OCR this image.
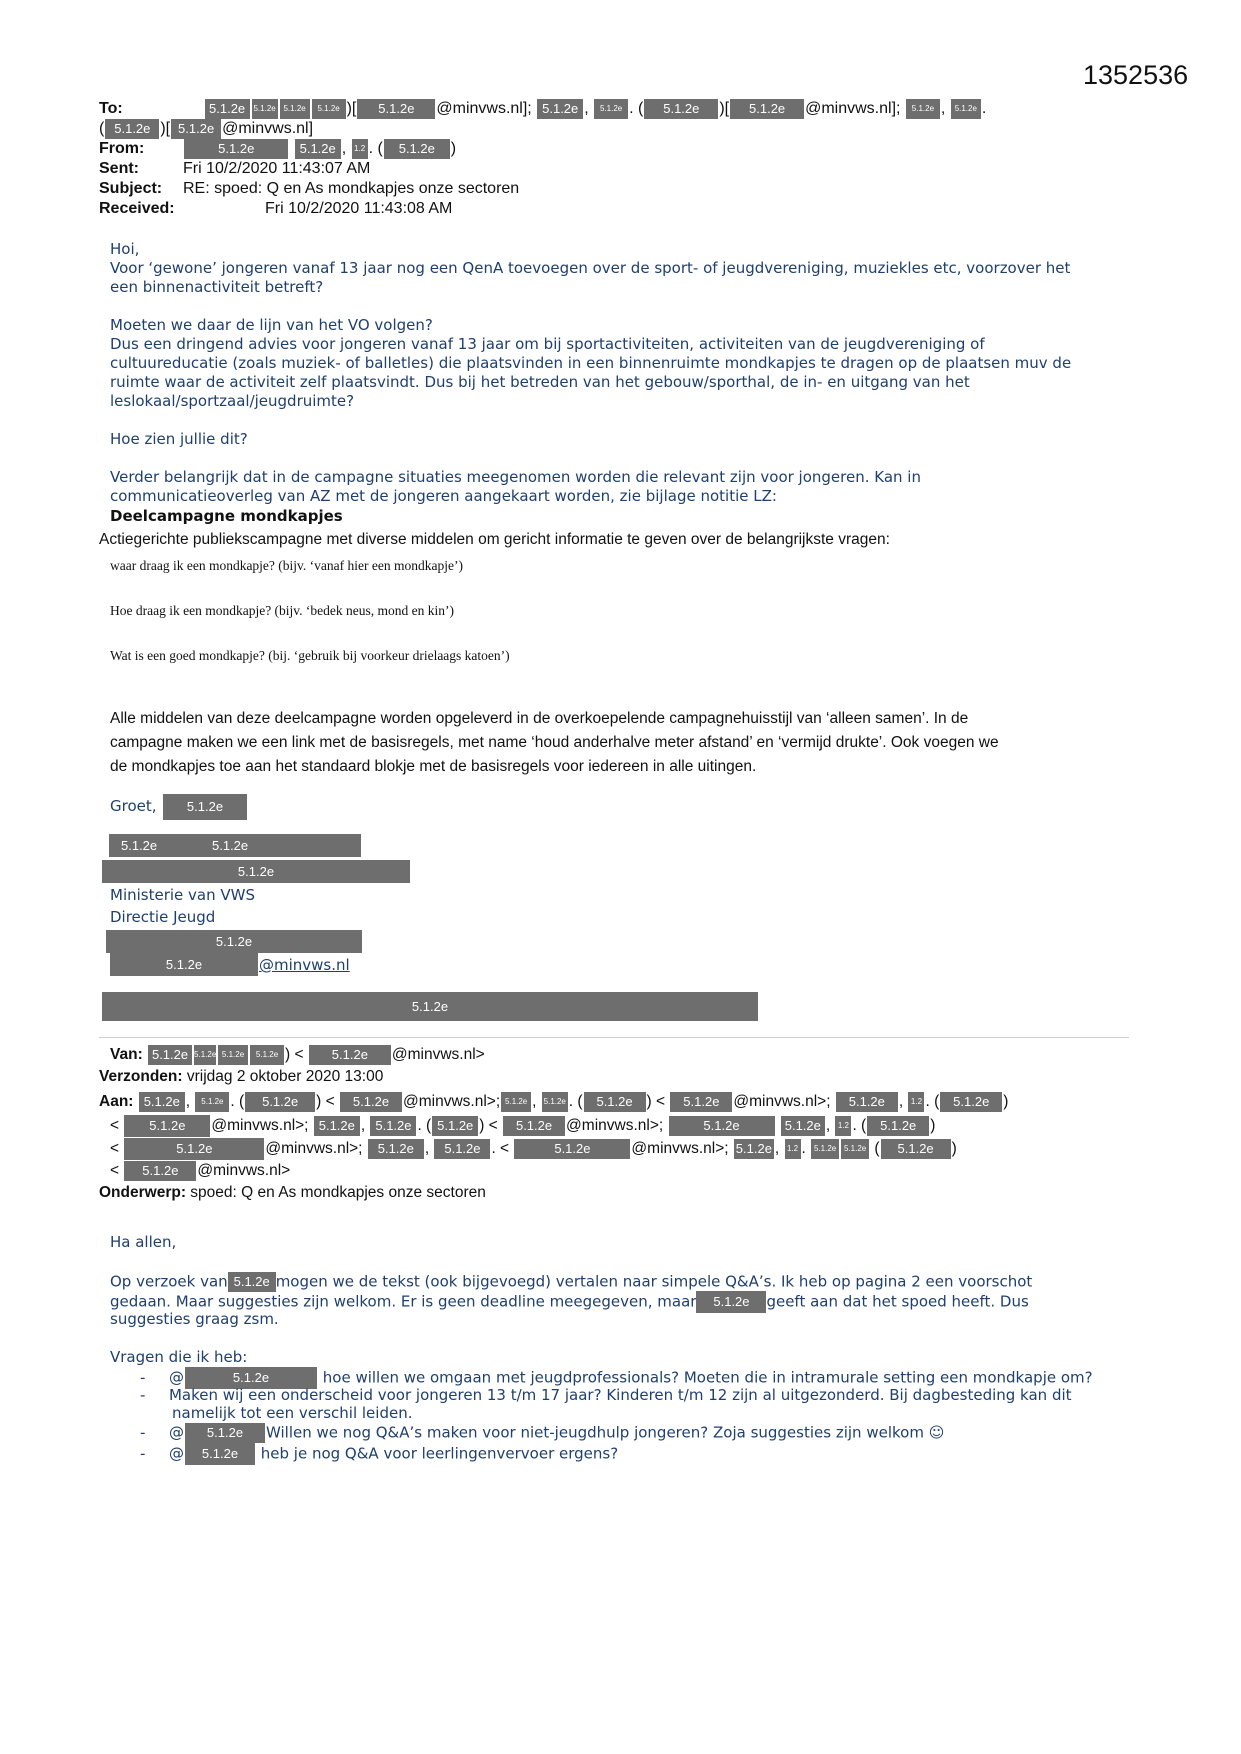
1352536
To:	5.1.2e 5.1.2e 5.1.2e 5.1.2e )[ 5.1.2e @minvws.nl]; 5.1.2e , 5.1.2e . ( 5.1.2e )[ 5.1.2e @minvws.nl]; 5.1.2e , 5.1.2e .
( 5.1.2e )[ 5.1.2e @minvws.nl]
From:	5.1.2e	5.1.2e , 1.2 . ( 5.1.2e )
Sent:	Fri 10/2/2020 11:43:07 AM
Subject: RE: spoed: Q en As mondkapjes onze sectoren
Received:	Fri 10/2/2020 11:43:08 AM
Hoi,
Voor ‘gewone’ jongeren vanaf 13 jaar nog een QenA toevoegen over de sport- of jeugdvereniging, muziekles etc, voorzover het
een binnenactiviteit betreft?
Moeten we daar de lijn van het VO volgen?
Dus een dringend advies voor jongeren vanaf 13 jaar om bij sportactiviteiten, activiteiten van de jeugdvereniging of
cultuureducatie (zoals muziek- of balletles) die plaatsvinden in een binnenruimte mondkapjes te dragen op de plaatsen muv de
ruimte waar de activiteit zelf plaatsvindt. Dus bij het betreden van het gebouw/sporthal, de in- en uitgang van het
leslokaal/sportzaal/jeugdruimte?
Hoe zien jullie dit?
Verder belangrijk dat in de campagne situaties meegenomen worden die relevant zijn voor jongeren. Kan in
communicatieoverleg van AZ met de jongeren aangekaart worden, zie bijlage notitie LZ:
Deelcampagne mondkapjes
Actiegerichte publiekscampagne met diverse middelen om gericht informatie te geven over de belangrijkste vragen:
waar draag ik een mondkapje? (bijv. ‘vanaf hier een mondkapje’)
Hoe draag ik een mondkapje? (bijv. ‘bedek neus, mond en kin’)
Wat is een goed mondkapje? (bij. ‘gebruik bij voorkeur drielaags katoen’)
Alle middelen van deze deelcampagne worden opgeleverd in de overkoepelende campagnehuisstijl van ‘alleen samen’. In de
campagne maken we een link met de basisregels, met name ‘houd anderhalve meter afstand’ en ‘vermijd drukte’. Ook voegen we
de mondkapjes toe aan het standaard blokje met de basisregels voor iedereen in alle uitingen.
Groet,	5.1.2e
5.1.2e	5.1.2e
5.1.2e
Ministerie van VWS
Directie Jeugd
5.1.2e
5.1.2e	@minvws.nl
5.1.2e
Van: 5.1.2e 5.1.2e 5.1.2e 5.1.2e ) < 5.1.2e @minvws.nl>
Verzonden: vrijdag 2 oktober 2020 13:00
Aan: 5.1.2e , 5.1.2e . ( 5.1.2e ) < 5.1.2e @minvws.nl>; 5.1.2e , 5.1.2e . ( 5.1.2e ) < 5.1.2e @minvws.nl>; 5.1.2e , 1.2 . ( 5.1.2e )
< 5.1.2e @minvws.nl>; 5.1.2e , 5.1.2e . ( 5.1.2e ) < 5.1.2e @minvws.nl>;	5.1.2e	5.1.2e , 1.2 . ( 5.1.2e )
<	5.1.2e	@minvws.nl>; 5.1.2e , 5.1.2e . <	5.1.2e	@minvws.nl>; 5.1.2e , 1.2 . 5.1.2e 5.1.2e ( 5.1.2e )
< 5.1.2e @minvws.nl>
Onderwerp: spoed: Q en As mondkapjes onze sectoren
Ha allen,
Op verzoek van 5.1.2e mogen we de tekst (ook bijgevoegd) vertalen naar simpele Q&A’s. Ik heb op pagina 2 een voorschot
gedaan. Maar suggesties zijn welkom. Er is geen deadline meegegeven, maar 5.1.2e geeft aan dat het spoed heeft. Dus
suggesties graag zsm.
Vragen die ik heb:
- @	5.1.2e	hoe willen we omgaan met jeugdprofessionals? Moeten die in intramurale setting een mondkapje om?
- Maken wij een onderscheid voor jongeren 13 t/m 17 jaar? Kinderen t/m 12 zijn al uitgezonderd. Bij dagbesteding kan dit
namelijk tot een verschil leiden.
- @ 5.1.2e Willen we nog Q&A’s maken voor niet-jeugdhulp jongeren? Zoja suggesties zijn welkom ☺
- @ 5.1.2e heb je nog Q&A voor leerlingenvervoer ergens?
